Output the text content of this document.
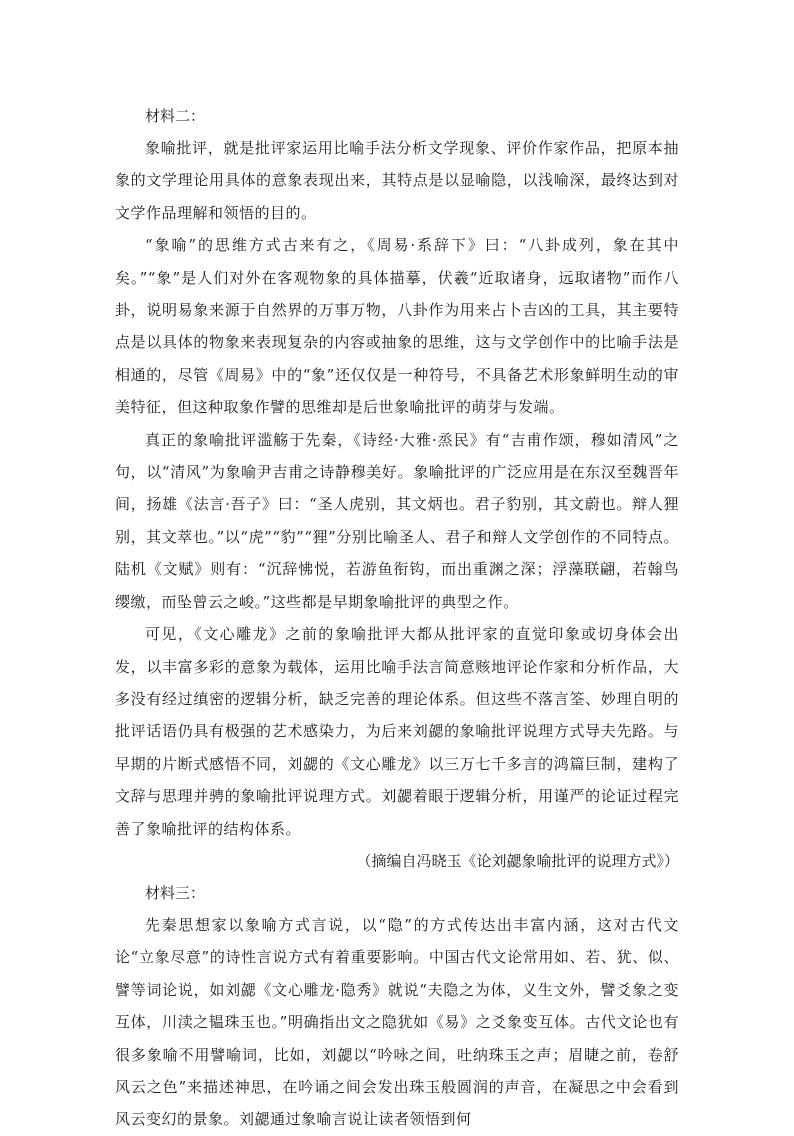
材料二：

象喻批评，就是批评家运用比喻手法分析文学现象、评价作家作品，把原本抽象的文学理论用具体的意象表现出来，其特点是以显喻隐，以浅喻深，最终达到对文学作品理解和领悟的目的。

“象喻”的思维方式古来有之，《周易·系辞下》曰：“八卦成列，象在其中矣。”“象”是人们对外在客观物象的具体描摹，伏羲“近取诸身，远取诸物”而作八卦，说明易象来源于自然界的万事万物，八卦作为用来占卜吉凶的工具，其主要特点是以具体的物象来表现复杂的内容或抽象的思维，这与文学创作中的比喻手法是相通的，尽管《周易》中的“象”还仅仅是一种符号，不具备艺术形象鲜明生动的审美特征，但这种取象作譬的思维却是后世象喻批评的萌芽与发端。

真正的象喻批评滥觞于先秦，《诗经·大雅·烝民》有“吉甫作颂，穆如清风”之句，以“清风”为象喻尹吉甫之诗静穆美好。象喻批评的广泛应用是在东汉至魏晋年间，扬雄《法言·吾子》曰：“圣人虎别，其文炳也。君子豹别，其文蔚也。辩人狸别，其文萃也。”以“虎”“豹”“狸”分别比喻圣人、君子和辩人文学创作的不同特点。陆机《文赋》则有：“沉辞怫悦，若游鱼衔钩，而出重渊之深；浮藻联翩，若翰鸟缨缴，而坠曾云之峻。”这些都是早期象喻批评的典型之作。

可见，《文心雕龙》之前的象喻批评大都从批评家的直觉印象或切身体会出发，以丰富多彩的意象为载体，运用比喻手法言简意赅地评论作家和分析作品，大多没有经过缜密的逻辑分析，缺乏完善的理论体系。但这些不落言筌、妙理自明的批评话语仍具有极强的艺术感染力，为后来刘勰的象喻批评说理方式导夫先路。与早期的片断式感悟不同，刘勰的《文心雕龙》以三万七千多言的鸿篇巨制，建构了文辞与思理并骋的象喻批评说理方式。刘勰着眼于逻辑分析，用谨严的论证过程完善了象喻批评的结构体系。

（摘编自冯晓玉《论刘勰象喻批评的说理方式》）

材料三：

先秦思想家以象喻方式言说，以“隐”的方式传达出丰富内涵，这对古代文论“立象尽意”的诗性言说方式有着重要影响。中国古代文论常用如、若、犹、似、譬等词论说，如刘勰《文心雕龙·隐秀》就说“夫隐之为体，义生文外，譬爻象之变互体，川渎之韫珠玉也。”明确指出文之隐犹如《易》之爻象变互体。古代文论也有很多象喻不用譬喻词，比如，刘勰以“吟咏之间，吐纳珠玉之声；眉睫之前，卷舒风云之色”来描述神思，在吟诵之间会发出珠玉般圆润的声音，在凝思之中会看到风云变幻的景象。刘勰通过象喻言说让读者领悟到何
